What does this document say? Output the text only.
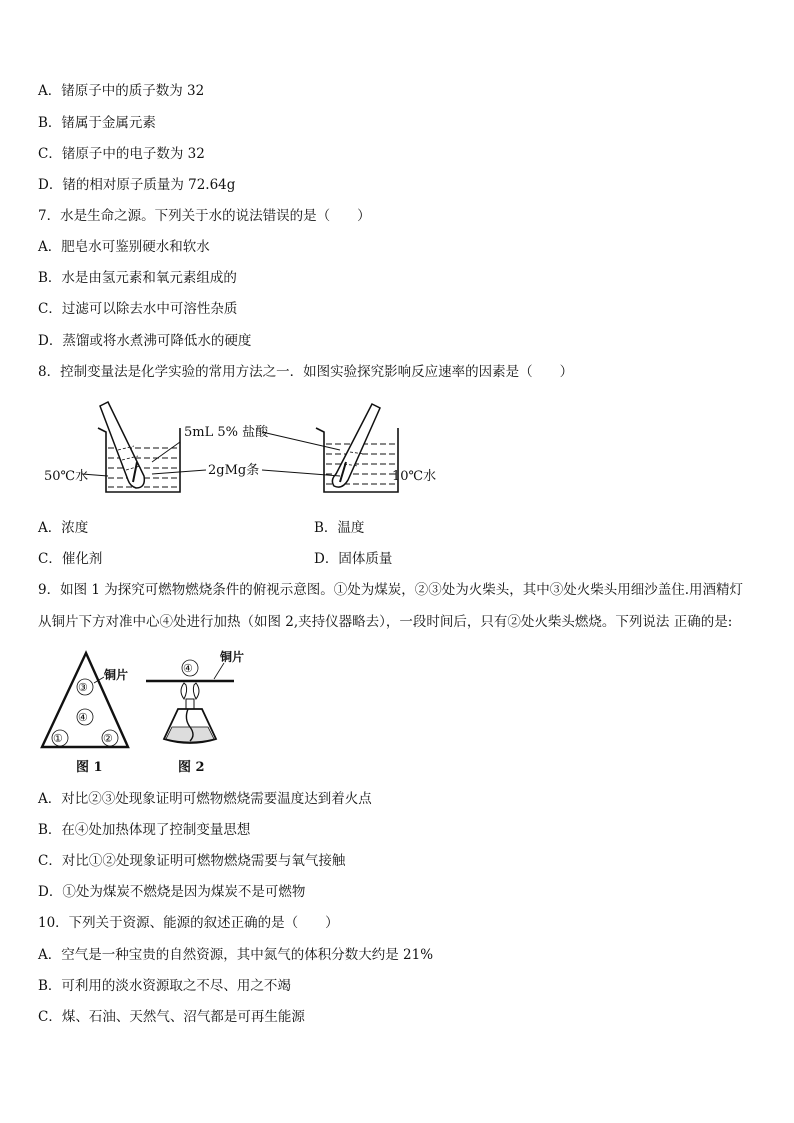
A．锗原子中的质子数为 32
B．锗属于金属元素
C．锗原子中的电子数为 32
D．锗的相对原子质量为 72.64g
7．水是生命之源。下列关于水的说法错误的是（　　）
A．肥皂水可鉴别硬水和软水
B．水是由氢元素和氧元素组成的
C．过滤可以除去水中可溶性杂质
D．蒸馏或将水煮沸可降低水的硬度
8．控制变量法是化学实验的常用方法之一．如图实验探究影响反应速率的因素是（　　）
5mL 5% 盐酸
2gMg条
50℃水	10℃水
A．浓度	B．温度
C．催化剂	D．固体质量
9．如图 1 为探究可燃物燃烧条件的俯视示意图。①处为煤炭，②③处为火柴头，其中③处火柴头用细沙盖住.用酒精灯
从铜片下方对准中心④处进行加热（如图 2,夹持仪器略去），一段时间后，只有②处火柴头燃烧。下列说法 正确的是:
③
④
①	②
铜片
图 1
④
铜片
图 2
A．对比②③处现象证明可燃物燃烧需要温度达到着火点
B．在④处加热体现了控制变量思想
C．对比①②处现象证明可燃物燃烧需要与氧气接触
D．①处为煤炭不燃烧是因为煤炭不是可燃物
10．下列关于资源、能源的叙述正确的是（　　）
A．空气是一种宝贵的自然资源，其中氮气的体积分数大约是 21%
B．可利用的淡水资源取之不尽、用之不竭
C．煤、石油、天然气、沼气都是可再生能源
